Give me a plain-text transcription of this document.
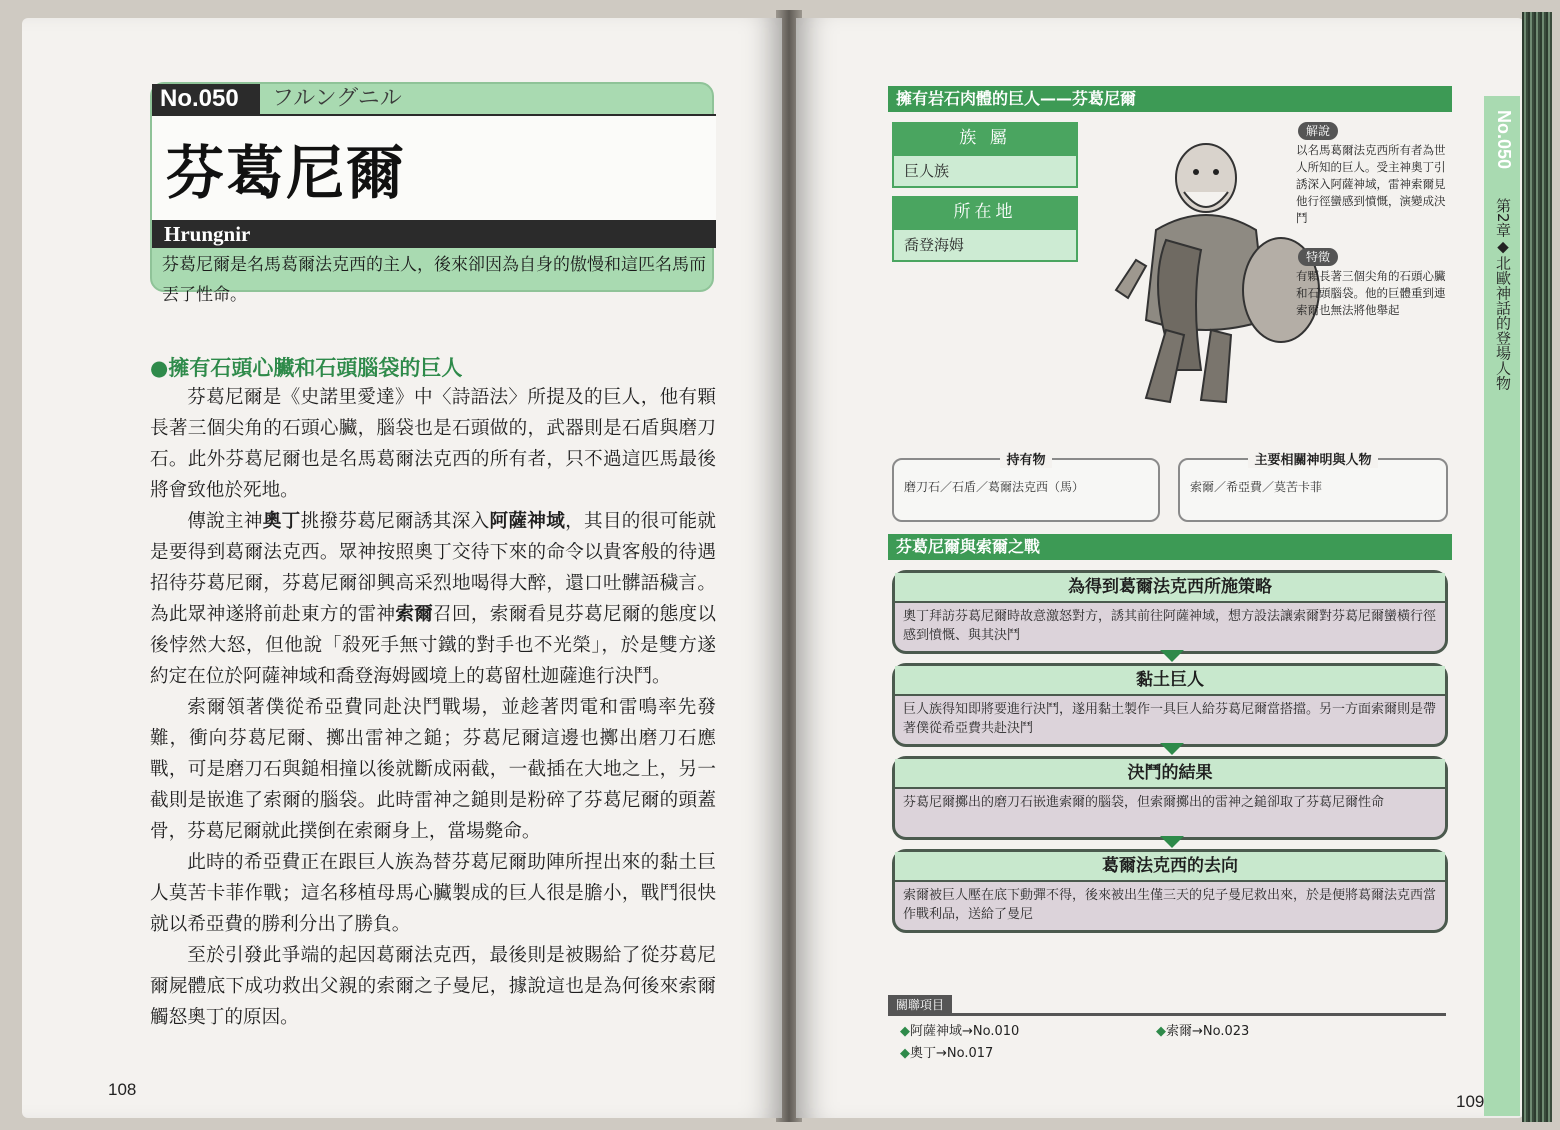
No.050	フルングニル
芬葛尼爾
Hrungnir
芬葛尼爾是名馬葛爾法克西的主人，後來卻因為自身的傲慢和這匹名馬而丟了性命。
●擁有石頭心臟和石頭腦袋的巨人

芬葛尼爾是《史諾里愛達》中〈詩語法〉所提及的巨人，他有顆長著三個尖角的石頭心臟，腦袋也是石頭做的，武器則是石盾與磨刀石。此外芬葛尼爾也是名馬葛爾法克西的所有者，只不過這匹馬最後將會致他於死地。

傳說主神奧丁挑撥芬葛尼爾誘其深入阿薩神域，其目的很可能就是要得到葛爾法克西。眾神按照奧丁交待下來的命令以貴客般的待遇招待芬葛尼爾，芬葛尼爾卻興高采烈地喝得大醉，還口吐髒語穢言。為此眾神遂將前赴東方的雷神索爾召回，索爾看見芬葛尼爾的態度以後悖然大怒，但他說「殺死手無寸鐵的對手也不光榮」，於是雙方遂約定在位於阿薩神域和喬登海姆國境上的葛留杜迦薩進行決鬥。

索爾領著僕從希亞費同赴決鬥戰場，並趁著閃電和雷鳴率先發難，衝向芬葛尼爾、擲出雷神之鎚；芬葛尼爾這邊也擲出磨刀石應戰，可是磨刀石與鎚相撞以後就斷成兩截，一截插在大地之上，另一截則是嵌進了索爾的腦袋。此時雷神之鎚則是粉碎了芬葛尼爾的頭蓋骨，芬葛尼爾就此撲倒在索爾身上，當場斃命。

此時的希亞費正在跟巨人族為替芬葛尼爾助陣所捏出來的黏土巨人莫苦卡菲作戰；這名移植母馬心臟製成的巨人很是膽小，戰鬥很快就以希亞費的勝利分出了勝負。

至於引發此爭端的起因葛爾法克西，最後則是被賜給了從芬葛尼爾屍體底下成功救出父親的索爾之子曼尼，據說這也是為何後來索爾觸怒奧丁的原因。

108
擁有岩石肉體的巨人——芬葛尼爾
族 屬
巨人族
所在地
喬登海姆
解說
以名馬葛爾法克西所有者為世人所知的巨人。受主神奧丁引誘深入阿薩神域，雷神索爾見他行徑蠻感到憤慨，演變成決鬥
特徵
有顆長著三個尖角的石頭心臟和石頭腦袋。他的巨體重到連索爾也無法將他舉起
持有物
磨刀石／石盾／葛爾法克西（馬）
主要相關神明與人物
索爾／希亞費／莫苦卡菲
芬葛尼爾與索爾之戰
為得到葛爾法克西所施策略
奧丁拜訪芬葛尼爾時故意激怒對方，誘其前往阿薩神域，想方設法讓索爾對芬葛尼爾蠻橫行徑感到憤慨、與其決鬥
黏土巨人
巨人族得知即將要進行決鬥，遂用黏土製作一具巨人給芬葛尼爾當搭擋。另一方面索爾則是帶著僕從希亞費共赴決鬥
決鬥的結果
芬葛尼爾擲出的磨刀石嵌進索爾的腦袋，但索爾擲出的雷神之鎚卻取了芬葛尼爾性命
葛爾法克西的去向
索爾被巨人壓在底下動彈不得，後來被出生僅三天的兒子曼尼救出來，於是便將葛爾法克西當作戰利品，送給了曼尼
關聯項目
◆阿薩神域→No.010	◆索爾→No.023
◆奧丁→No.017
No.050
第2章◆北歐神話的登場人物
109
